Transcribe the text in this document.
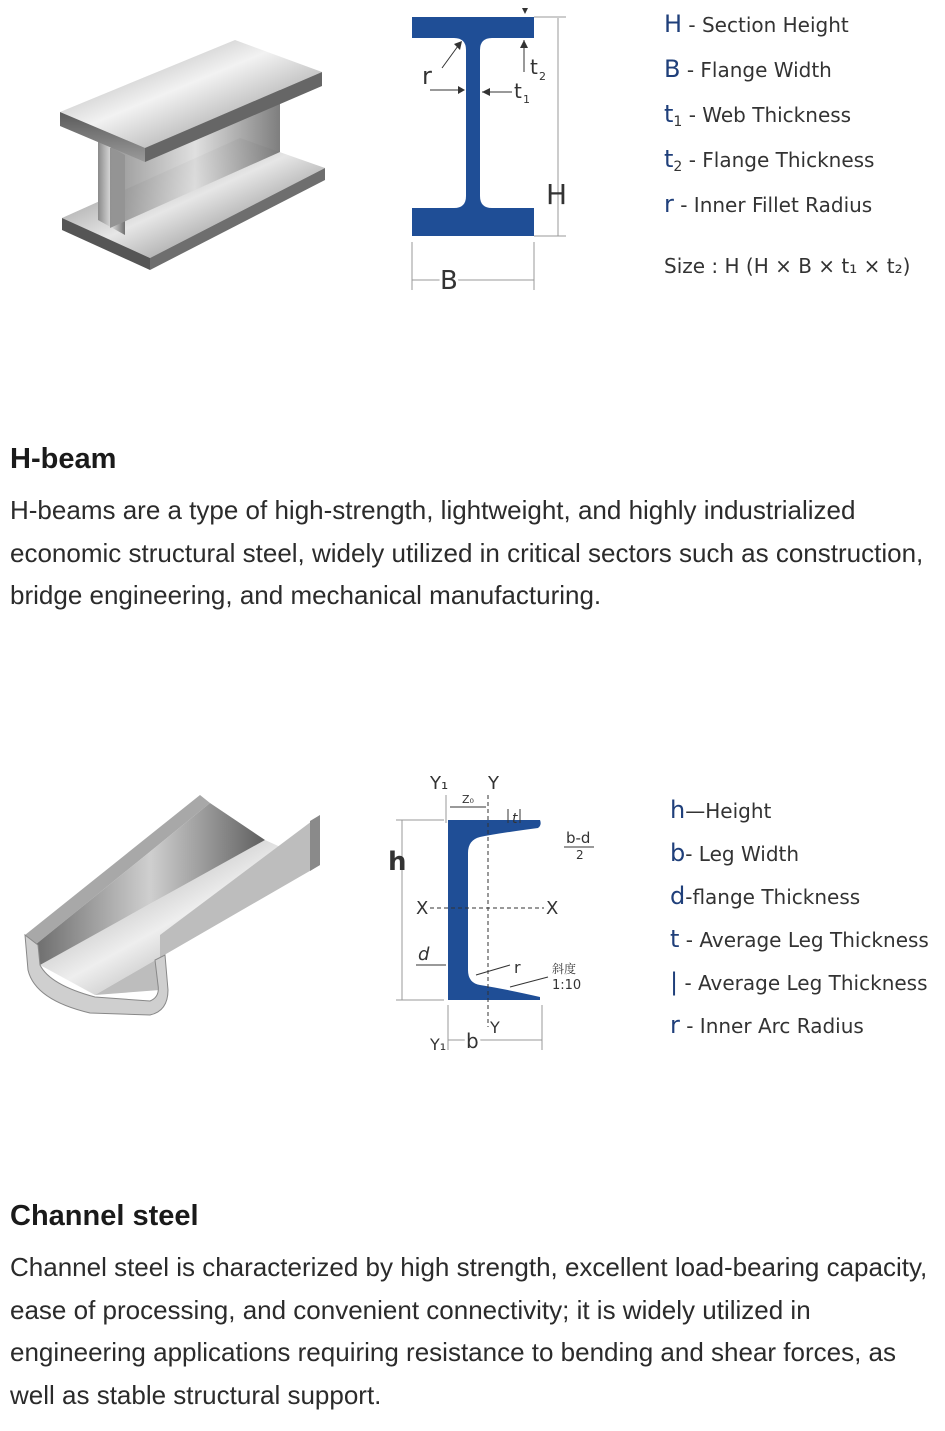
H
B
r
t 1
t 2
H - Section Height
B - Flange Width
$t_1$ - Web Thickness
$t_2$ - Flange Thickness
r - Inner Fillet Radius
Size : H (H × B × t₁ × t₂)
H-beam

H-beams are a type of high-strength, lightweight, and highly industrialized economic structural steel, widely utilized in critical sectors such as construction, bridge engineering, and mechanical manufacturing.

h
X	X
Y₁ Y
Z₀
t
b-d
2
d
r	斜度
1:10
Y₁ b
Y
h—Height
b- Leg Width
d-flange Thickness
t - Average Leg Thickness
| - Average Leg Thickness
r - Inner Arc Radius
Channel steel

Channel steel is characterized by high strength, excellent load-bearing capacity, ease of processing, and convenient connectivity; it is widely utilized in engineering applications requiring resistance to bending and shear forces, as well as stable structural support.
